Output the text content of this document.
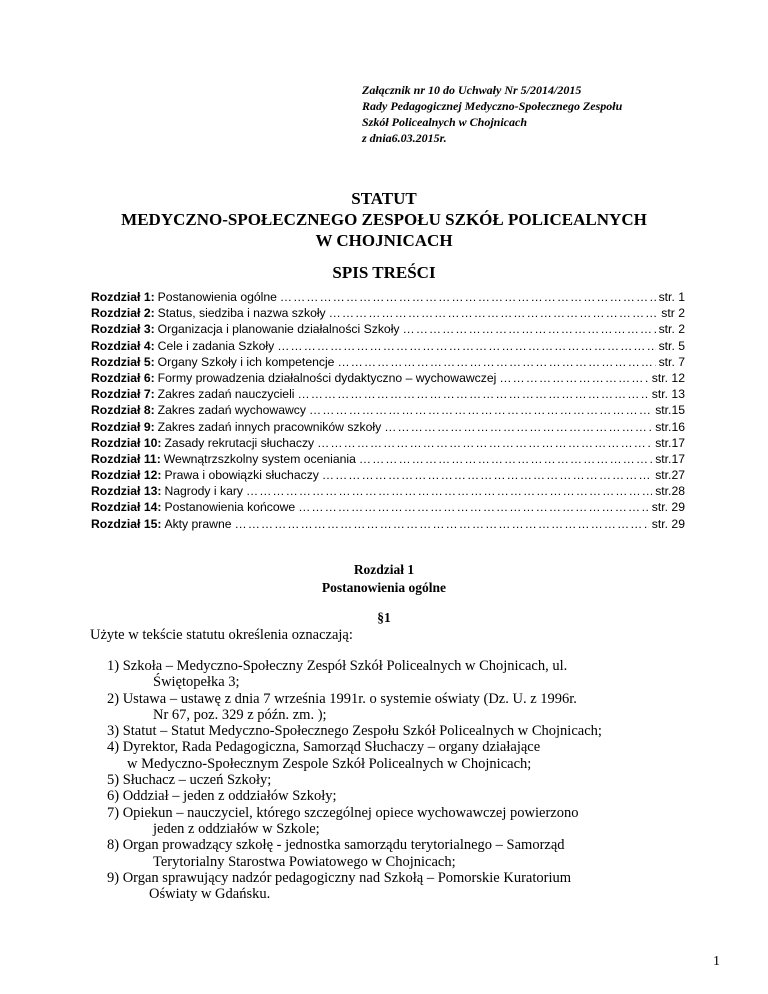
Załącznik nr 10 do Uchwały Nr 5/2014/2015
Rady Pedagogicznej Medyczno-Społecznego Zespołu
Szkół Policealnych w Chojnicach
z dnia6.03.2015r.
STATUT
MEDYCZNO-SPOŁECZNEGO ZESPOŁU SZKÓŁ POLICEALNYCH
W CHOJNICACH
SPIS TREŚCI
Rozdział 1: Postanowienia ogólne …………………………………………………………………………………………………………………………………………	str. 1
Rozdział 2: Status, siedziba i nazwa szkoły …………………………………………………………………………………………………………………………………………	str 2
Rozdział 3: Organizacja i planowanie działalności Szkoły …………………………………………………………………………………………………………………………………………	str. 2
Rozdział 4: Cele i zadania Szkoły …………………………………………………………………………………………………………………………………………	str. 5
Rozdział 5: Organy Szkoły i ich kompetencje …………………………………………………………………………………………………………………………………………	str. 7
Rozdział 6: Formy prowadzenia działalności dydaktyczno – wychowawczej …………………………………………………………………………………………………………………………………………	str. 12
Rozdział 7: Zakres zadań nauczycieli …………………………………………………………………………………………………………………………………………	str. 13
Rozdział 8: Zakres zadań wychowawcy …………………………………………………………………………………………………………………………………………	str.15
Rozdział 9: Zakres zadań innych pracowników szkoły …………………………………………………………………………………………………………………………………………	str.16
Rozdział 10: Zasady rekrutacji słuchaczy …………………………………………………………………………………………………………………………………………	str.17
Rozdział 11: Wewnątrzszkolny system oceniania …………………………………………………………………………………………………………………………………………	str.17
Rozdział 12: Prawa i obowiązki słuchaczy …………………………………………………………………………………………………………………………………………	str.27
Rozdział 13: Nagrody i kary …………………………………………………………………………………………………………………………………………	str.28
Rozdział 14: Postanowienia końcowe …………………………………………………………………………………………………………………………………………	str. 29
Rozdział 15: Akty prawne …………………………………………………………………………………………………………………………………………	str. 29
Rozdział 1
Postanowienia ogólne
§1
Użyte w tekście statutu określenia oznaczają:
1) Szkoła – Medyczno-Społeczny Zespół Szkół Policealnych w Chojnicach, ul.
Świętopełka 3;
2) Ustawa – ustawę z dnia 7 września 1991r. o systemie oświaty (Dz. U. z 1996r.
Nr 67, poz. 329 z późn. zm. );
3) Statut – Statut Medyczno-Społecznego Zespołu Szkół Policealnych w Chojnicach;
4) Dyrektor, Rada Pedagogiczna, Samorząd Słuchaczy – organy działające
w Medyczno-Społecznym Zespole Szkół Policealnych w Chojnicach;
5) Słuchacz – uczeń Szkoły;
6) Oddział – jeden z oddziałów Szkoły;
7) Opiekun – nauczyciel, którego szczególnej opiece wychowawczej powierzono
jeden z oddziałów w Szkole;
8) Organ prowadzący szkołę - jednostka samorządu terytorialnego – Samorząd
Terytorialny Starostwa Powiatowego w Chojnicach;
9) Organ sprawujący nadzór pedagogiczny nad Szkołą – Pomorskie Kuratorium
Oświaty w Gdańsku.
1
